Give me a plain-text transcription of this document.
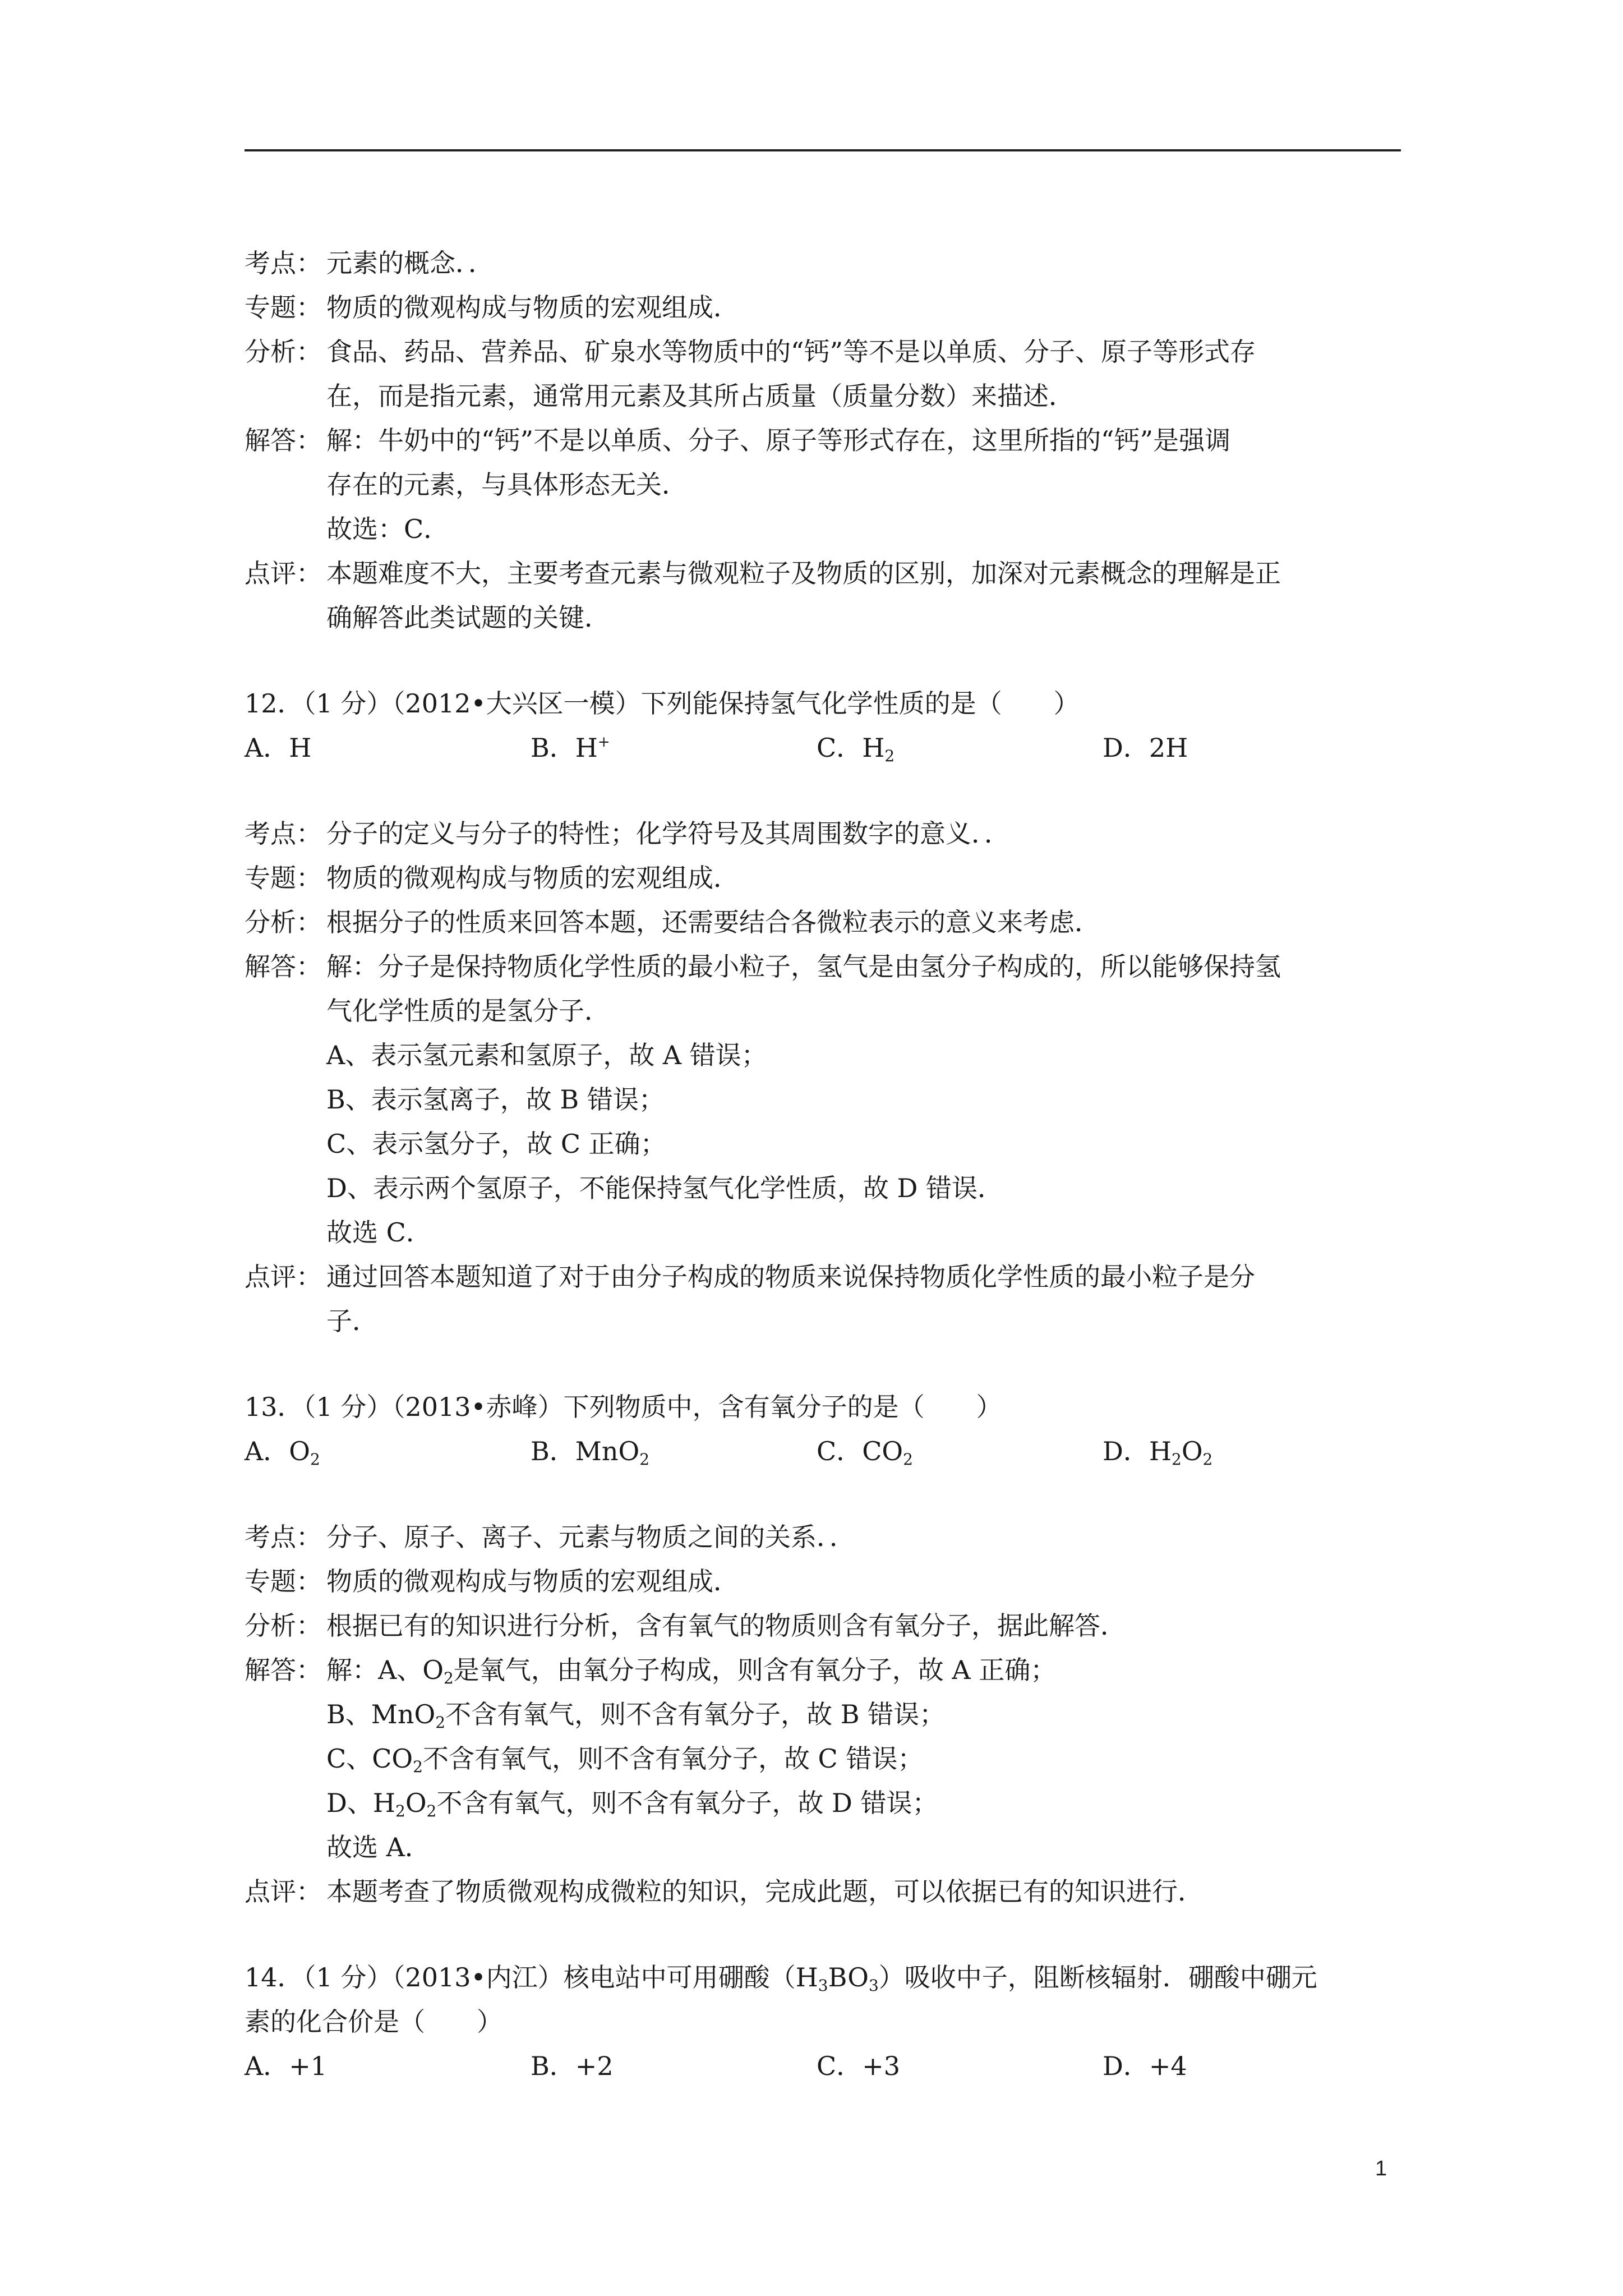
考点： 元素的概念．．
专题： 物质的微观构成与物质的宏观组成．
分析： 食品、药品、营养品、矿泉水等物质中的“钙”等不是以单质、分子、原子等形式存
在，而是指元素，通常用元素及其所占质量（质量分数）来描述．
解答： 解：牛奶中的“钙”不是以单质、分子、原子等形式存在，这里所指的“钙”是强调
存在的元素，与具体形态无关．
故选：C．
点评： 本题难度不大，主要考查元素与微观粒子及物质的区别，加深对元素概念的理解是正
确解答此类试题的关键．
12．（1 分）（2012•大兴区一模）下列能保持氢气化学性质的是（　　）
A．H	B．H+	C．$H_2$	D．2H
考点： 分子的定义与分子的特性；化学符号及其周围数字的意义．．
专题： 物质的微观构成与物质的宏观组成．
分析： 根据分子的性质来回答本题，还需要结合各微粒表示的意义来考虑．
解答： 解：分子是保持物质化学性质的最小粒子，氢气是由氢分子构成的，所以能够保持氢
气化学性质的是氢分子．
A、表示氢元素和氢原子，故 A 错误；
B、表示氢离子，故 B 错误；
C、表示氢分子，故 C 正确；
D、表示两个氢原子，不能保持氢气化学性质，故 D 错误．
故选 C．
点评： 通过回答本题知道了对于由分子构成的物质来说保持物质化学性质的最小粒子是分
子．
13．（1 分）（2013•赤峰）下列物质中，含有氧分子的是（　　）
A．$O_2$	B．MnO$_2$	C．$CO_2$	D．$H_2O_2$
考点： 分子、原子、离子、元素与物质之间的关系．．
专题： 物质的微观构成与物质的宏观组成．
分析： 根据已有的知识进行分析，含有氧气的物质则含有氧分子，据此解答．
解答： 解：A、$O_2$是氧气，由氧分子构成，则含有氧分子，故 A 正确；
B、MnO$_2$不含有氧气，则不含有氧分子，故 B 错误；
C、$CO_2$不含有氧气，则不含有氧分子，故 C 错误；
D、$H_2O_2$不含有氧气，则不含有氧分子，故 D 错误；
故选 A．
点评： 本题考查了物质微观构成微粒的知识，完成此题，可以依据已有的知识进行．
14．（1 分）（2013•内江）核电站中可用硼酸$(H_3BO_3)$吸收中子，阻断核辐射．硼酸中硼元
素的化合价是（　　）
A．+1	B．+2	C．+3	D．+4
1
